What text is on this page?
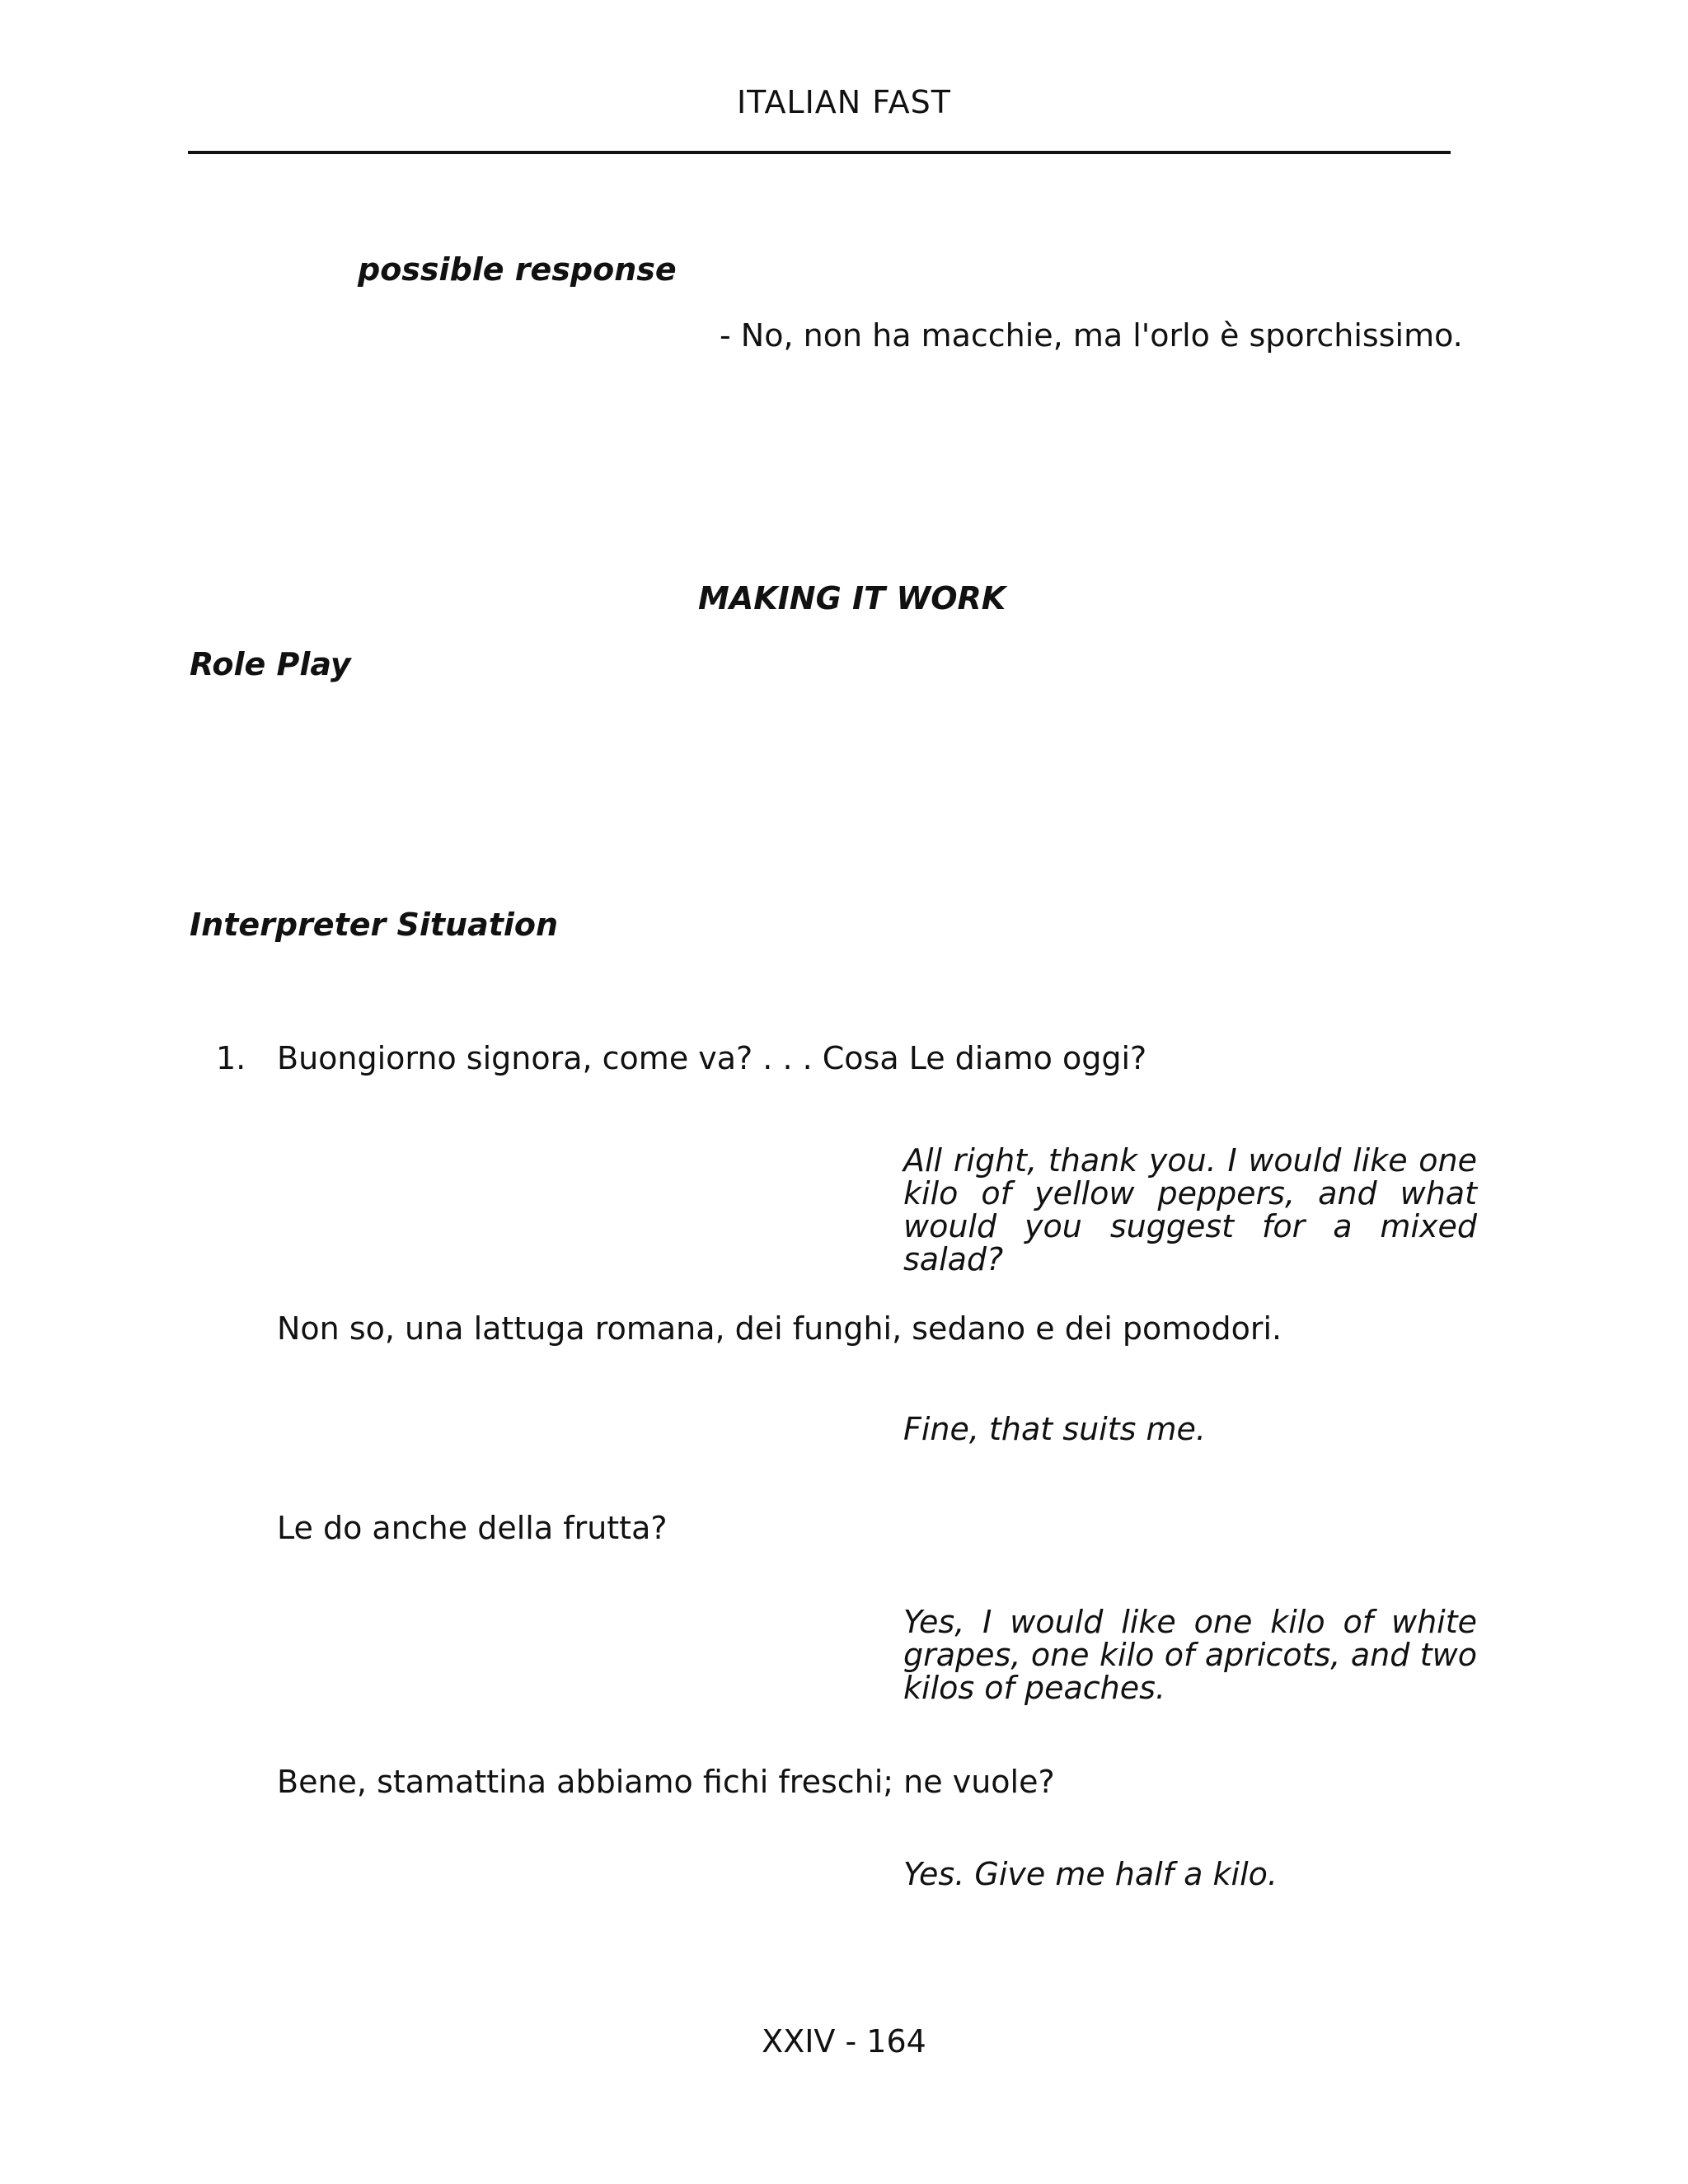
ITALIAN FAST
possible response
- No, non ha macchie, ma l'orlo è sporchissimo.
MAKING IT WORK
Role Play
Interpreter Situation
1. Buongiorno signora, come va? . . . Cosa Le diamo oggi?
All right, thank you. I would like one kilo of yellow peppers, and what would you suggest for a mixed salad?
Non so, una lattuga romana, dei funghi, sedano e dei pomodori.
Fine, that suits me.
Le do anche della frutta?
Yes, I would like one kilo of white grapes, one kilo of apricots, and two kilos of peaches.
Bene, stamattina abbiamo fichi freschi; ne vuole?
Yes. Give me half a kilo.
XXIV - 164
